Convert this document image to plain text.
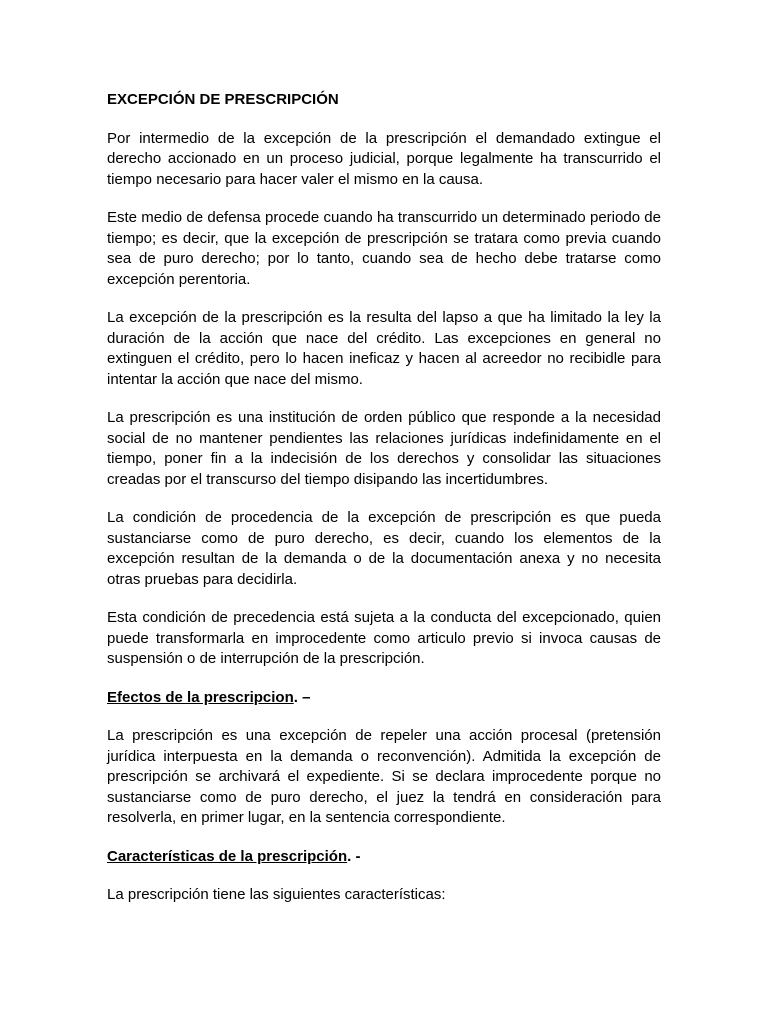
EXCEPCIÓN DE PRESCRIPCIÓN

Por intermedio de la excepción de la prescripción el demandado extingue el derecho accionado en un proceso judicial, porque legalmente ha transcurrido el tiempo necesario para hacer valer el mismo en la causa.

Este medio de defensa procede cuando ha transcurrido un determinado periodo de tiempo; es decir, que la excepción de prescripción se tratara como previa cuando sea de puro derecho; por lo tanto, cuando sea de hecho debe tratarse como excepción perentoria.

La excepción de la prescripción es la resulta del lapso a que ha limitado la ley la duración de la acción que nace del crédito. Las excepciones en general no extinguen el crédito, pero lo hacen ineficaz y hacen al acreedor no recibidle para intentar la acción que nace del mismo.

La prescripción es una institución de orden público que responde a la necesidad social de no mantener pendientes las relaciones jurídicas indefinidamente en el tiempo, poner fin a la indecisión de los derechos y consolidar las situaciones creadas por el transcurso del tiempo disipando las incertidumbres.

La condición de procedencia de la excepción de prescripción es que pueda sustanciarse como de puro derecho, es decir, cuando los elementos de la excepción resultan de la demanda o de la documentación anexa y no necesita otras pruebas para decidirla.

Esta condición de precedencia está sujeta a la conducta del excepcionado, quien puede transformarla en improcedente como articulo previo si invoca causas de suspensión o de interrupción de la prescripción.

Efectos de la prescripcion. –

La prescripción es una excepción de repeler una acción procesal (pretensión jurídica interpuesta en la demanda o reconvención). Admitida la excepción de prescripción se archivará el expediente. Si se declara improcedente porque no sustanciarse como de puro derecho, el juez la tendrá en consideración para resolverla, en primer lugar, en la sentencia correspondiente.

Características de la prescripción. -

La prescripción tiene las siguientes características:
